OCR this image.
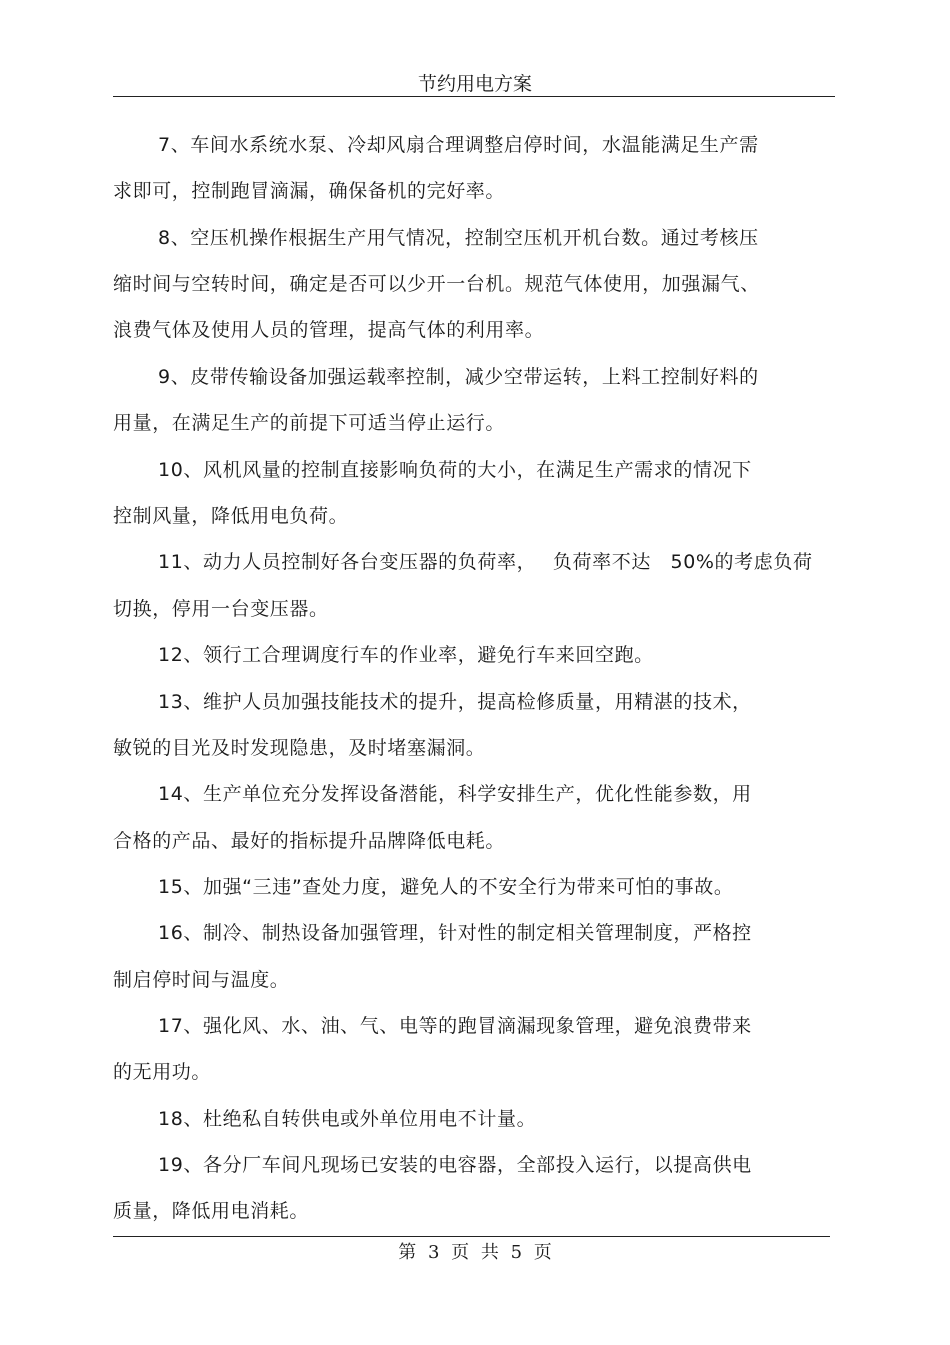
节约用电方案
7、车间水系统水泵、冷却风扇合理调整启停时间，水温能满足生产需
求即可，控制跑冒滴漏，确保备机的完好率。
8、空压机操作根据生产用气情况，控制空压机开机台数。通过考核压
缩时间与空转时间，确定是否可以少开一台机。规范气体使用，加强漏气、
浪费气体及使用人员的管理，提高气体的利用率。
9、皮带传输设备加强运载率控制，减少空带运转，上料工控制好料的
用量，在满足生产的前提下可适当停止运行。
10、风机风量的控制直接影响负荷的大小，在满足生产需求的情况下
控制风量，降低用电负荷。
11、动力人员控制好各台变压器的负荷率，　 负荷率不达　50%的考虑负荷
切换，停用一台变压器。
12、领行工合理调度行车的作业率，避免行车来回空跑。
13、维护人员加强技能技术的提升，提高检修质量，用精湛的技术，
敏锐的目光及时发现隐患，及时堵塞漏洞。
14、生产单位充分发挥设备潜能，科学安排生产，优化性能参数，用
合格的产品、最好的指标提升品牌降低电耗。
15、加强“三违”查处力度，避免人的不安全行为带来可怕的事故。
16、制冷、制热设备加强管理，针对性的制定相关管理制度，严格控
制启停时间与温度。
17、强化风、水、油、气、电等的跑冒滴漏现象管理，避免浪费带来
的无用功。
18、杜绝私自转供电或外单位用电不计量。
19、各分厂车间凡现场已安装的电容器，全部投入运行，以提高供电
质量，降低用电消耗。
第 3 页 共 5 页
